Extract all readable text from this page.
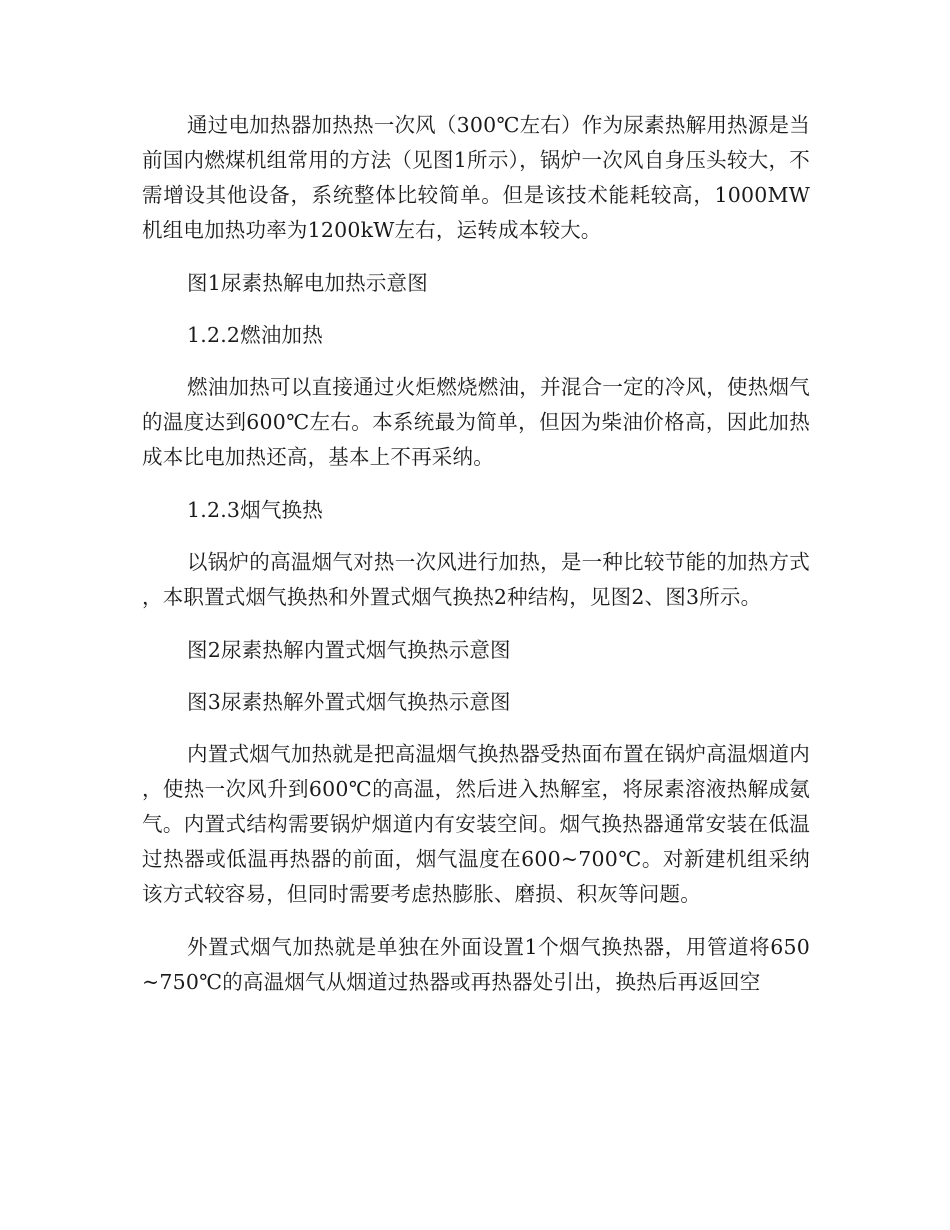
通过电加热器加热热一次风（300℃左右）作为尿素热解用热源是当前国内燃煤机组常用的方法（见图1所示），锅炉一次风自身压头较大，不需增设其他设备，系统整体比较简单。但是该技术能耗较高，1000MW机组电加热功率为1200kW左右，运转成本较大。

图1尿素热解电加热示意图

1.2.2燃油加热

燃油加热可以直接通过火炬燃烧燃油，并混合一定的冷风，使热烟气的温度达到600℃左右。本系统最为简单，但因为柴油价格高，因此加热成本比电加热还高，基本上不再采纳。

1.2.3烟气换热

以锅炉的高温烟气对热一次风进行加热，是一种比较节能的加热方式，本职置式烟气换热和外置式烟气换热2种结构，见图2、图3所示。

图2尿素热解内置式烟气换热示意图

图3尿素热解外置式烟气换热示意图

内置式烟气加热就是把高温烟气换热器受热面布置在锅炉高温烟道内，使热一次风升到600℃的高温，然后进入热解室，将尿素溶液热解成氨气。内置式结构需要锅炉烟道内有安装空间。烟气换热器通常安装在低温过热器或低温再热器的前面，烟气温度在600~700℃。对新建机组采纳该方式较容易，但同时需要考虑热膨胀、磨损、积灰等问题。

外置式烟气加热就是单独在外面设置1个烟气换热器，用管道将650~750℃的高温烟气从烟道过热器或再热器处引出，换热后再返回空
